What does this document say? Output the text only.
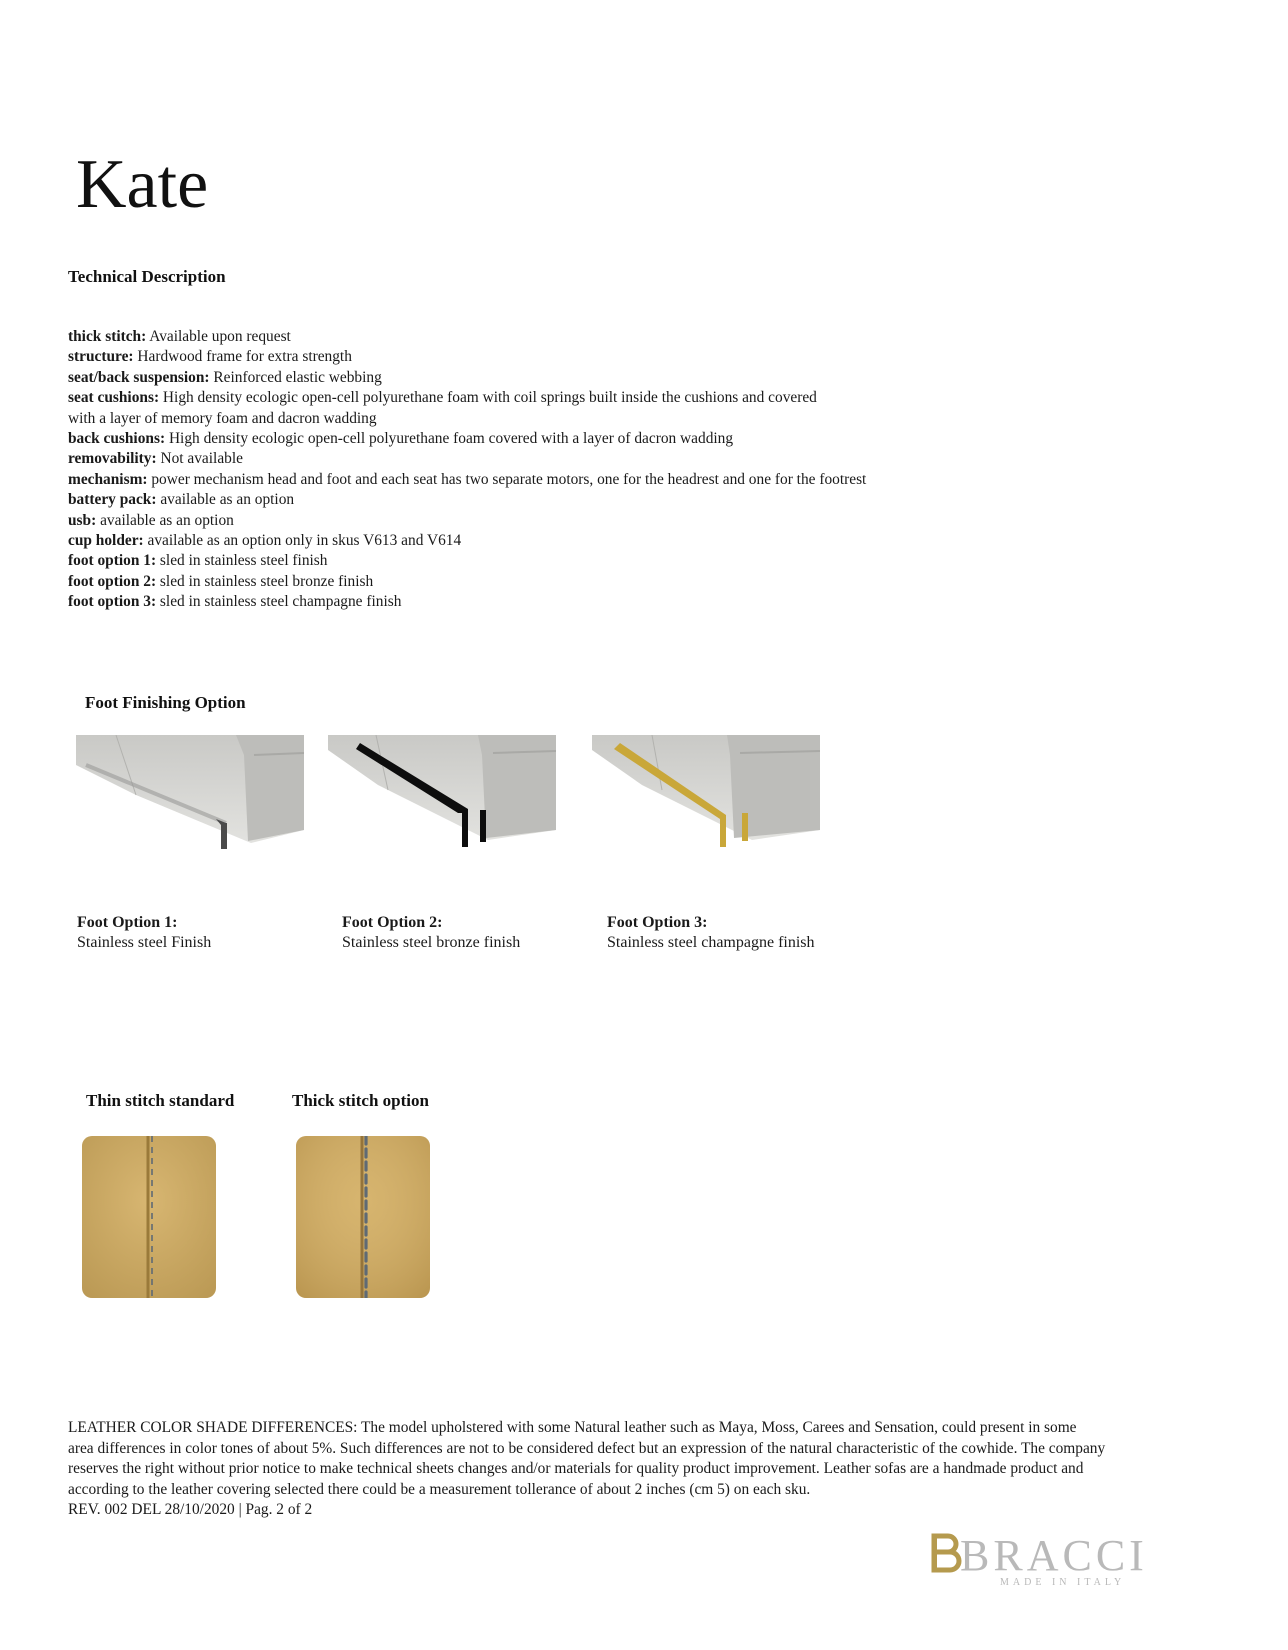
Kate
Technical Description
thick stitch: Available upon request
structure: Hardwood frame for extra strength
seat/back suspension: Reinforced elastic webbing
seat cushions: High density ecologic open-cell polyurethane foam with coil springs built inside the cushions and covered
with a layer of memory foam and dacron wadding
back cushions: High density ecologic open-cell polyurethane foam covered with a layer of dacron wadding
removability: Not available
mechanism: power mechanism head and foot and each seat has two separate motors, one for the headrest and one for the footrest
battery pack: available as an option
usb: available as an option
cup holder: available as an option only in skus V613 and V614
foot option 1: sled in stainless steel finish
foot option 2: sled in stainless steel bronze finish
foot option 3: sled in stainless steel champagne finish
Foot Finishing Option
Foot Option 1:
Stainless steel Finish
Foot Option 2:
Stainless steel bronze finish
Foot Option 3:
Stainless steel champagne finish
Thin stitch standard	Thick stitch option
LEATHER COLOR SHADE DIFFERENCES: The model upholstered with some Natural leather such as Maya, Moss, Carees and Sensation, could present in some
area differences in color tones of about 5%. Such differences are not to be considered defect but an expression of the natural characteristic of the cowhide. The company
reserves the right without prior notice to make technical sheets changes and/or materials for quality product improvement. Leather sofas are a handmade product and
according to the leather covering selected there could be a measurement tollerance of about 2 inches (cm 5) on each sku.
REV. 002 DEL 28/10/2020 | Pag. 2 of 2
BRACCI
MADE IN ITALY
